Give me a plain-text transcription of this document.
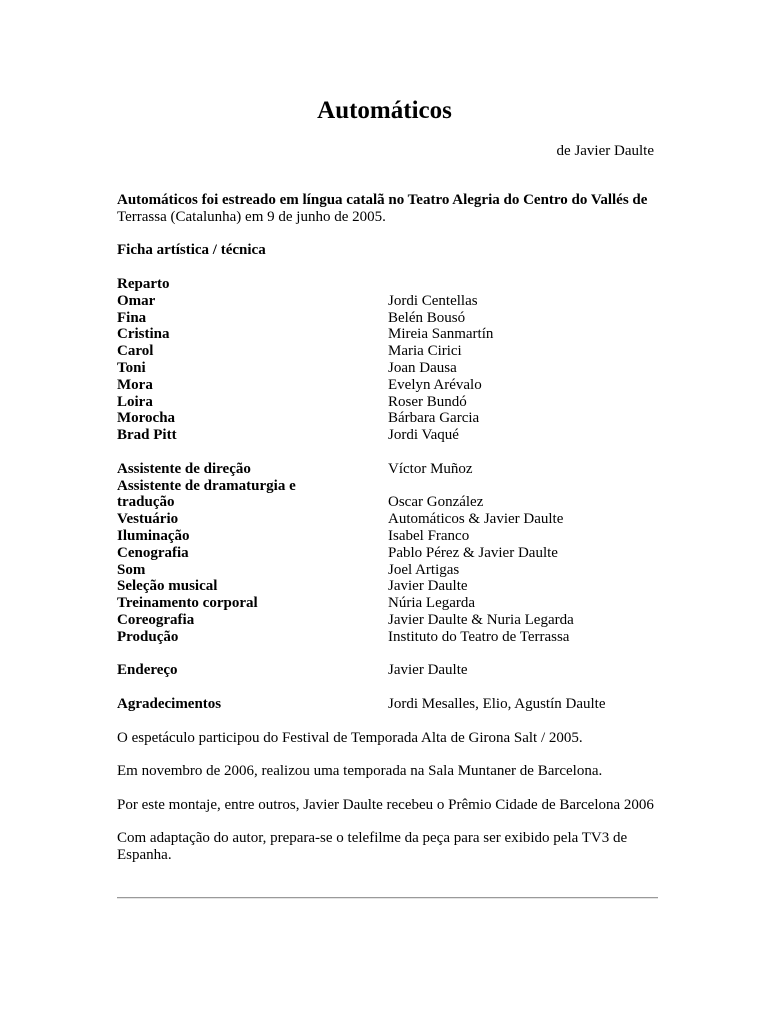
Automáticos
de Javier Daulte

Automáticos foi estreado em língua catalã no Teatro Alegria do Centro do Vallés de
Terrassa (Catalunha) em 9 de junho de 2005.

Ficha artística / técnica

Reparto
Omar	Jordi Centellas
Fina	Belén Bousó
Cristina	Mireia Sanmartín
Carol	Maria Cirici
Toni	Joan Dausa
Mora	Evelyn Arévalo
Loira	Roser Bundó
Morocha	Bárbara Garcia
Brad Pitt	Jordi Vaqué
Assistente de direção	Víctor Muñoz
Assistente de dramaturgia e
tradução	Oscar González
Vestuário	Automáticos & Javier Daulte
Iluminação	Isabel Franco
Cenografia	Pablo Pérez & Javier Daulte
Som	Joel Artigas
Seleção musical	Javier Daulte
Treinamento corporal	Núria Legarda
Coreografia	Javier Daulte & Nuria Legarda
Produção	Instituto do Teatro de Terrassa
Endereço	Javier Daulte
Agradecimentos	Jordi Mesalles, Elio, Agustín Daulte

O espetáculo participou do Festival de Temporada Alta de Girona Salt / 2005.

Em novembro de 2006, realizou uma temporada na Sala Muntaner de Barcelona.

Por este montaje, entre outros, Javier Daulte recebeu o Prêmio Cidade de Barcelona 2006

Com adaptação do autor, prepara-se o telefilme da peça para ser exibido pela TV3 de Espanha.
